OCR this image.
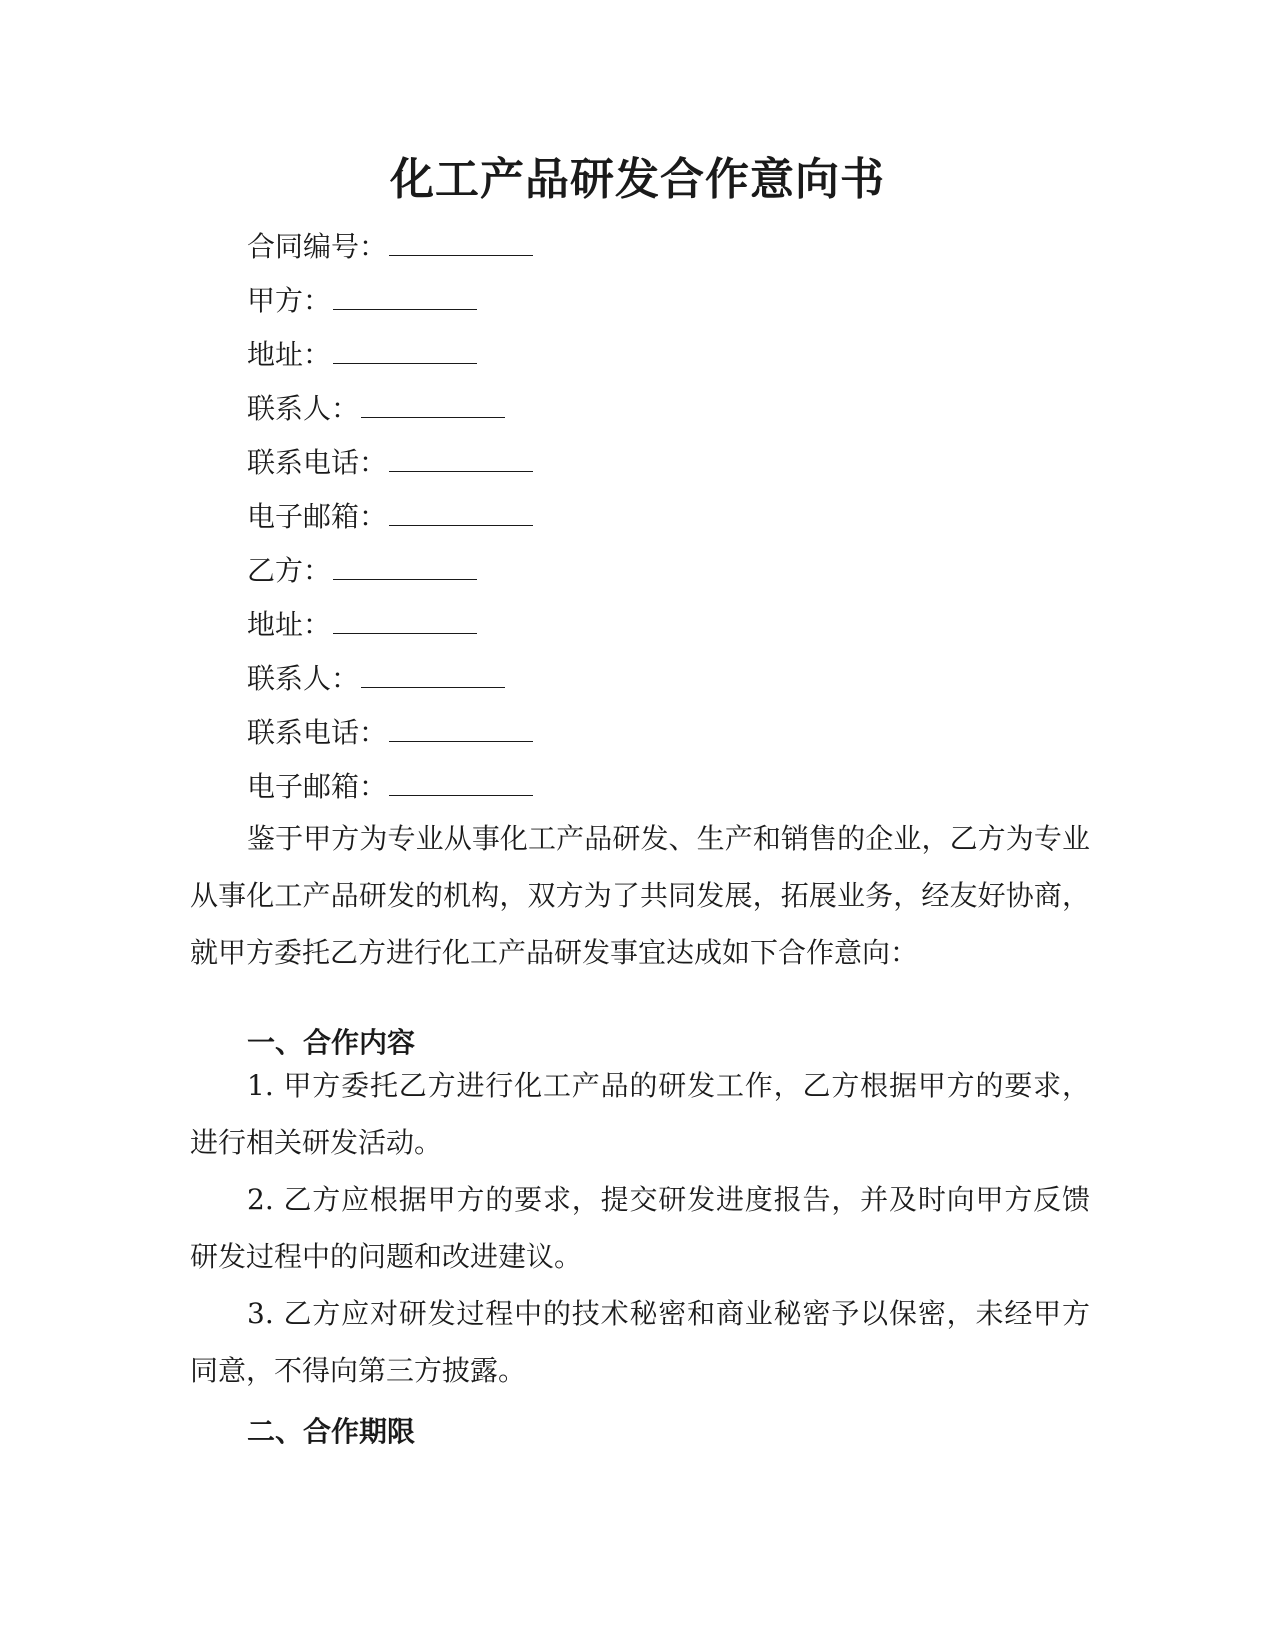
化工产品研发合作意向书
合同编号：
甲方：
地址：
联系人：
联系电话：
电子邮箱：
乙方：
地址：
联系人：
联系电话：
电子邮箱：

鉴于甲方为专业从事化工产品研发、生产和销售的企业，乙方为专业从事化工产品研发的机构，双方为了共同发展，拓展业务，经友好协商，就甲方委托乙方进行化工产品研发事宜达成如下合作意向：

一、合作内容

1. 甲方委托乙方进行化工产品的研发工作，乙方根据甲方的要求，进行相关研发活动。

2. 乙方应根据甲方的要求，提交研发进度报告，并及时向甲方反馈研发过程中的问题和改进建议。

3. 乙方应对研发过程中的技术秘密和商业秘密予以保密，未经甲方同意，不得向第三方披露。

二、合作期限
